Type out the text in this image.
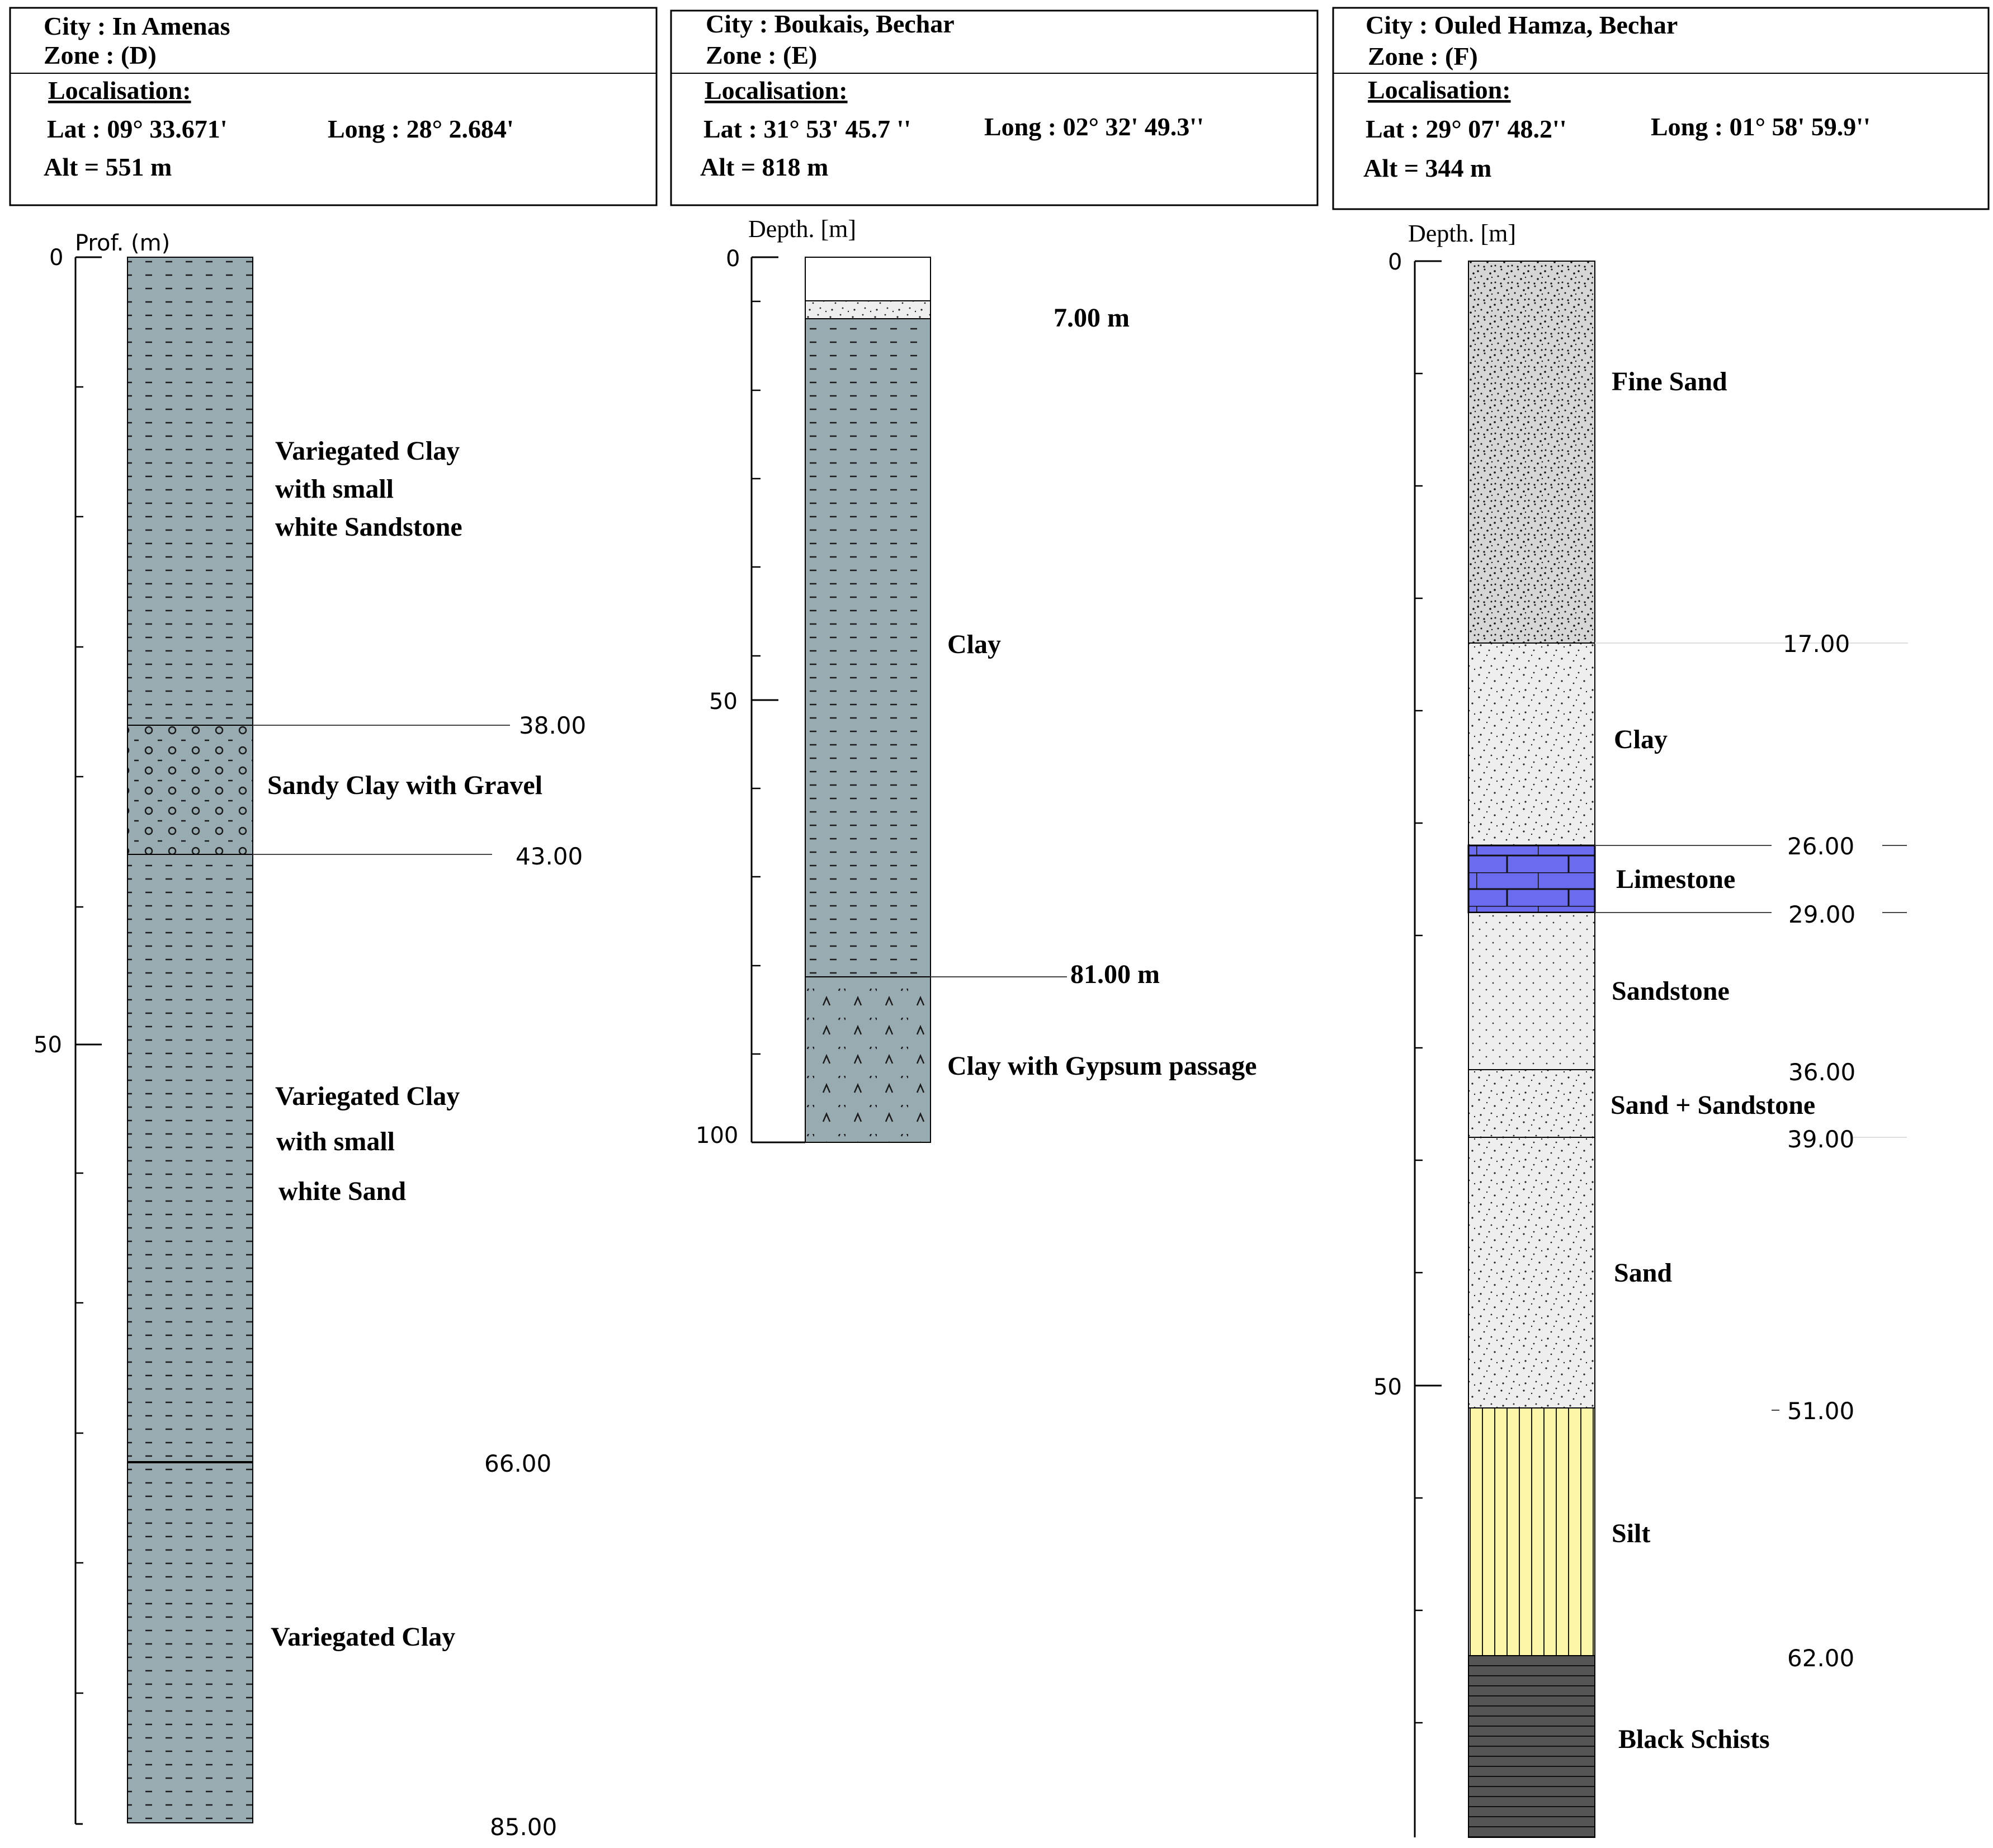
City : In Amenas
Zone : (D)
Localisation:
Lat : 09° 33.671'	Long : 28° 2.684'
Alt = 551 m
Prof. (m)
0
50
Variegated Clay
with small
white Sandstone
Sandy Clay with Gravel
Variegated Clay
with small
white Sand
Variegated Clay
38.00
43.00
66.00
85.00
City : Boukais, Bechar
Zone : (E)
Localisation:
Lat : 31° 53' 45.7 ''	Long : 02° 32' 49.3''
Alt = 818 m
Depth. [m]
0
50
100
7.00 m
81.00 m
Clay
Clay with Gypsum passage
City : Ouled Hamza, Bechar
Zone : (F)
Localisation:
Lat : 29° 07' 48.2''	Long : 01° 58' 59.9''
Alt = 344 m
Depth. [m]
0
50
Fine Sand
Clay
Limestone
Sandstone
Sand + Sandstone
Sand
Silt
Black Schists
17.00
26.00
29.00
36.00
39.00
51.00
62.00
